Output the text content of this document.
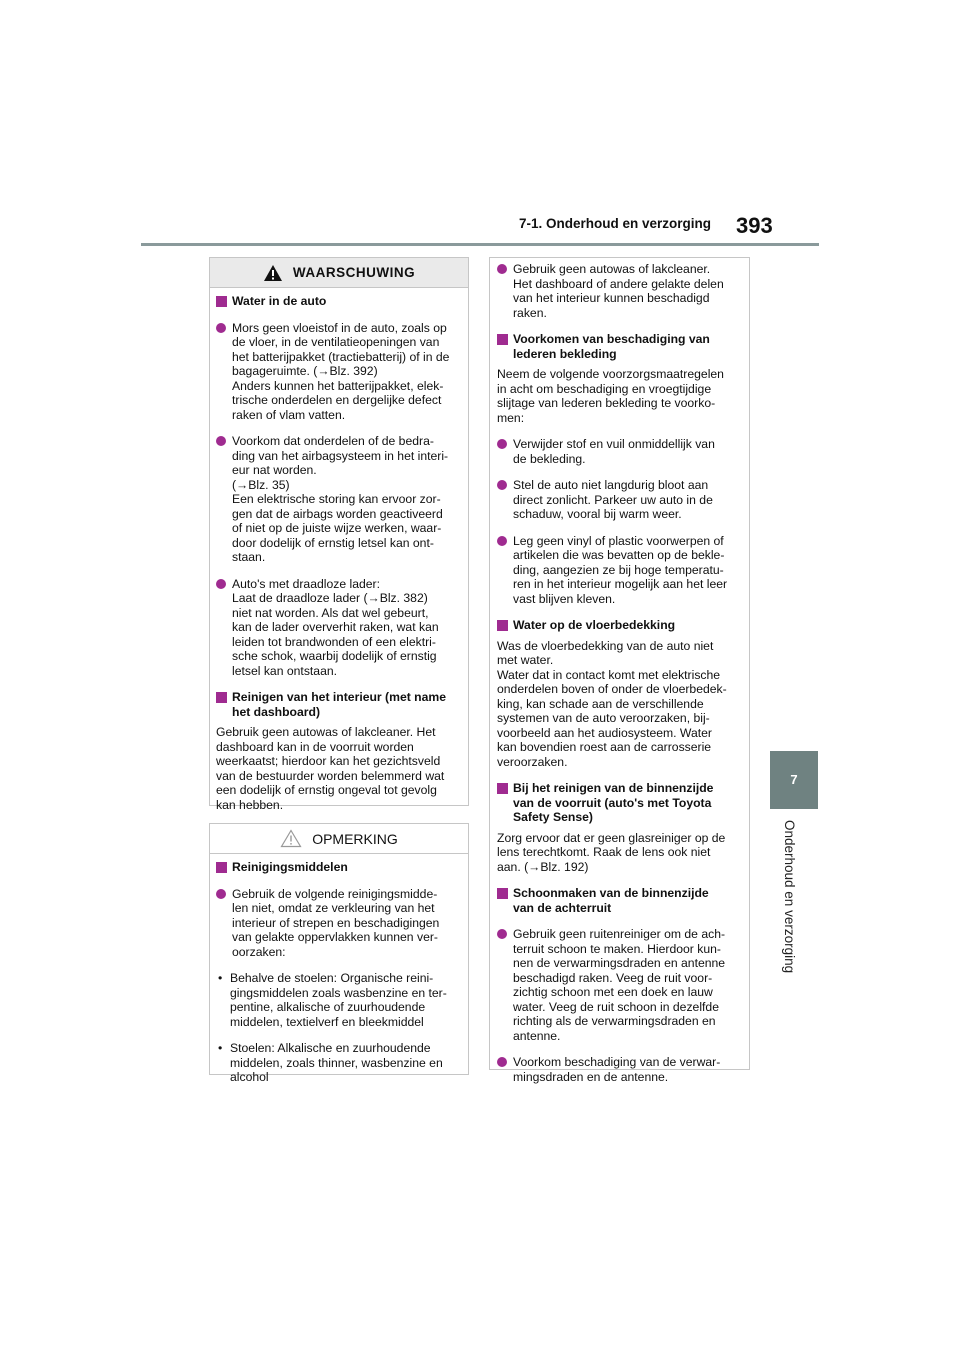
7-1. Onderhoud en verzorging 393
7
Onderhoud en verzorging
WAARSCHUWING
Water in de auto
Mors geen vloeistof in de auto, zoals op
de vloer, in de ventilatieopeningen van
het batterijpakket (tractiebatterij) of in de
bagageruimte. (→Blz. 392)
Anders kunnen het batterijpakket, elek-
trische onderdelen en dergelijke defect
raken of vlam vatten.
Voorkom dat onderdelen of de bedra-
ding van het airbagsysteem in het interi-
eur nat worden.
(→Blz. 35)
Een elektrische storing kan ervoor zor-
gen dat de airbags worden geactiveerd
of niet op de juiste wijze werken, waar-
door dodelijk of ernstig letsel kan ont-
staan.
Auto's met draadloze lader:
Laat de draadloze lader (→Blz. 382)
niet nat worden. Als dat wel gebeurt,
kan de lader oververhit raken, wat kan
leiden tot brandwonden of een elektri-
sche schok, waarbij dodelijk of ernstig
letsel kan ontstaan.
Reinigen van het interieur (met name
het dashboard)
Gebruik geen autowas of lakcleaner. Het
dashboard kan in de voorruit worden
weerkaatst; hierdoor kan het gezichtsveld
van de bestuurder worden belemmerd wat
een dodelijk of ernstig ongeval tot gevolg
kan hebben.
OPMERKING
Reinigingsmiddelen
Gebruik de volgende reinigingsmidde-
len niet, omdat ze verkleuring van het
interieur of strepen en beschadigingen
van gelakte oppervlakken kunnen ver-
oorzaken:
• Behalve de stoelen: Organische reini-
gingsmiddelen zoals wasbenzine en ter-
pentine, alkalische of zuurhoudende
middelen, textielverf en bleekmiddel
• Stoelen: Alkalische en zuurhoudende
middelen, zoals thinner, wasbenzine en
alcohol
Gebruik geen autowas of lakcleaner.
Het dashboard of andere gelakte delen
van het interieur kunnen beschadigd
raken.
Voorkomen van beschadiging van
lederen bekleding
Neem de volgende voorzorgsmaatregelen
in acht om beschadiging en vroegtijdige
slijtage van lederen bekleding te voorko-
men:
Verwijder stof en vuil onmiddellijk van
de bekleding.
Stel de auto niet langdurig bloot aan
direct zonlicht. Parkeer uw auto in de
schaduw, vooral bij warm weer.
Leg geen vinyl of plastic voorwerpen of
artikelen die was bevatten op de bekle-
ding, aangezien ze bij hoge temperatu-
ren in het interieur mogelijk aan het leer
vast blijven kleven.
Water op de vloerbedekking
Was de vloerbedekking van de auto niet
met water.
Water dat in contact komt met elektrische
onderdelen boven of onder de vloerbedek-
king, kan schade aan de verschillende
systemen van de auto veroorzaken, bij-
voorbeeld aan het audiosysteem. Water
kan bovendien roest aan de carrosserie
veroorzaken.
Bij het reinigen van de binnenzijde
van de voorruit (auto's met Toyota
Safety Sense)
Zorg ervoor dat er geen glasreiniger op de
lens terechtkomt. Raak de lens ook niet
aan. (→Blz. 192)
Schoonmaken van de binnenzijde
van de achterruit
Gebruik geen ruitenreiniger om de ach-
terruit schoon te maken. Hierdoor kun-
nen de verwarmingsdraden en antenne
beschadigd raken. Veeg de ruit voor-
zichtig schoon met een doek en lauw
water. Veeg de ruit schoon in dezelfde
richting als de verwarmingsdraden en
antenne.
Voorkom beschadiging van de verwar-
mingsdraden en de antenne.
